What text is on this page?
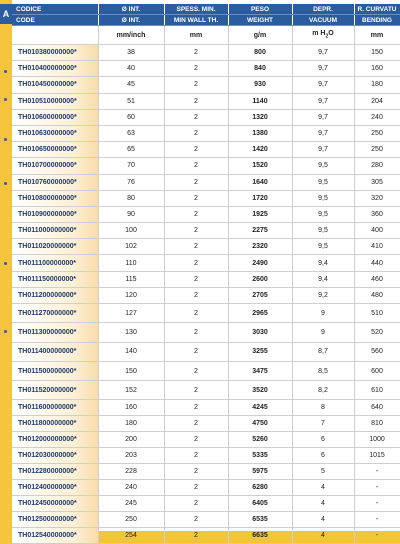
A	CODICE	Ø INT.	SPESS. MIN.	PESO	DEPR.	R. CURVATU
CODE	Ø INT.	MIN WALL TH.	WEIGHT	VACUUM	BENDING
	mm/inch	mm	g/m	m $H_2O$	mm
TH010380000000*	38	2	800	9,7	150
TH010400000000*	40	2	840	9,7	160
TH010450000000*	45	2	930	9,7	180
TH010510000000*	51	2	1140	9,7	204
TH010600000000*	60	2	1320	9,7	240
TH010630000000*	63	2	1380	9,7	250
TH010650000000*	65	2	1420	9,7	250
TH010700000000*	70	2	1520	9,5	280
TH010760000000*	76	2	1640	9,5	305
TH010800000000*	80	2	1720	9,5	320
TH010900000000*	90	2	1925	9,5	360
TH011000000000*	100	2	2275	9,5	400
TH011020000000*	102	2	2320	9,5	410
TH011100000000*	110	2	2490	9,4	440
TH011150000000*	115	2	2600	9,4	460
TH011200000000*	120	2	2705	9,2	480
TH011270000000*	127	2	2965	9	510
TH011300000000*	130	2	3030	9	520
TH011400000000*	140	2	3255	8,7	560
TH011500000000*	150	2	3475	8,5	600
TH011520000000*	152	2	3520	8,2	610
TH011600000000*	160	2	4245	8	640
TH011800000000*	180	2	4750	7	810
TH012000000000*	200	2	5260	6	1000
TH012030000000*	203	2	5335	6	1015
TH012280000000*	228	2	5975	5	-
TH012400000000*	240	2	6280	4	-
TH012450000000*	245	2	6405	4	-
TH012500000000*	250	2	6535	4	-
TH012540000000*	254	2	6635	4	-
